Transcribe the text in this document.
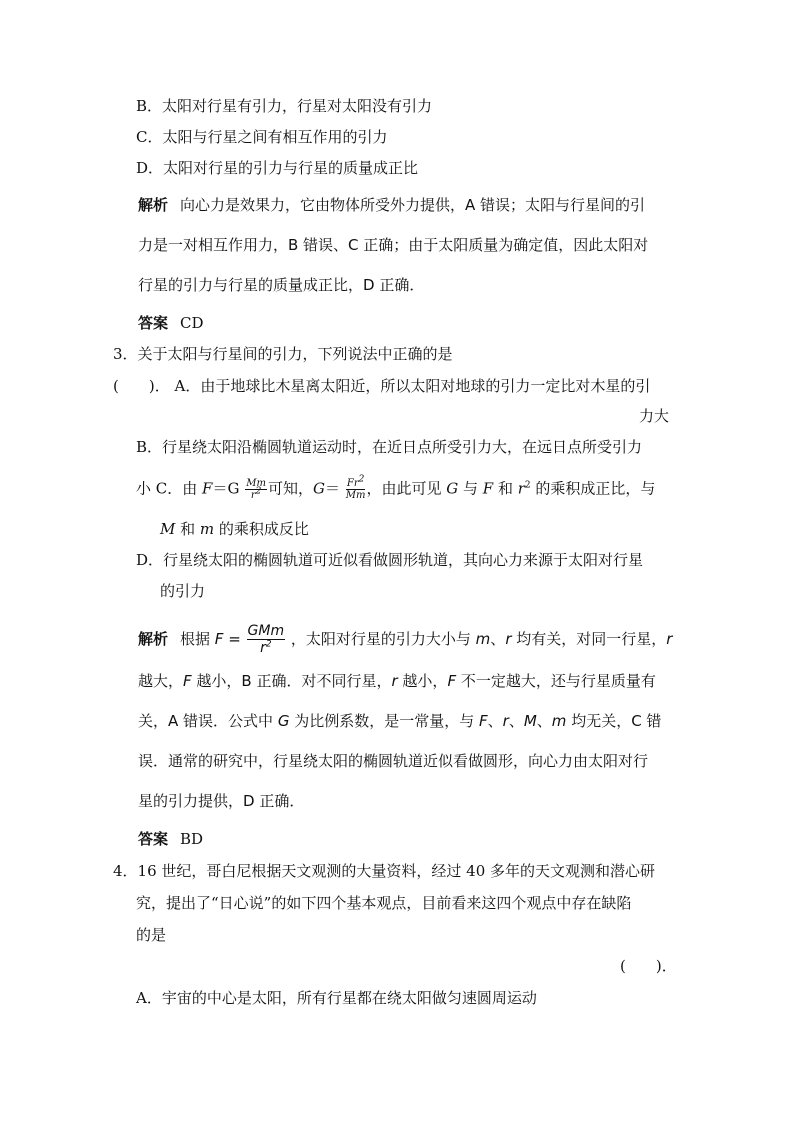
B．太阳对行星有引力，行星对太阳没有引力
C．太阳与行星之间有相互作用的引力
D．太阳对行星的引力与行星的质量成正比
解析 向心力是效果力，它由物体所受外力提供，A 错误；太阳与行星间的引
力是一对相互作用力，B 错误、C 正确；由于太阳质量为确定值，因此太阳对
行星的引力与行星的质量成正比，D 正确．
答案 CD
3．关于太阳与行星间的引力，下列说法中正确的是
(　　)． A．由于地球比木星离太阳近，所以太阳对地球的引力一定比对木星的引
力大
B．行星绕太阳沿椭圆轨道运动时，在近日点所受引力大，在远日点所受引力
小 C．由 $F=G \frac{Mm}{r^2}$ 可知，$G= \frac{Fr^2}{Mm}$ ，由此可见 G 与 F 和 $r^2$ 的乘积成正比，与
M 和 m 的乘积成反比
D．行星绕太阳的椭圆轨道可近似看做圆形轨道，其向心力来源于太阳对行星
的引力
解析 根据 $F = \frac{\text{GMm}}{r^2}$ ，太阳对行星的引力大小与 m、r 均有关，对同一行星，r
越大，F 越小，B 正确．对不同行星，r 越小，F 不一定越大，还与行星质量有
关，A 错误．公式中 G 为比例系数，是一常量，与 F、r、M、m 均无关，C 错
误．通常的研究中，行星绕太阳的椭圆轨道近似看做圆形，向心力由太阳对行
星的引力提供，D 正确．
答案 BD
4．16 世纪，哥白尼根据天文观测的大量资料，经过 40 多年的天文观测和潜心研
究，提出了“日心说”的如下四个基本观点，目前看来这四个观点中存在缺陷
的是
(　　)．
A．宇宙的中心是太阳，所有行星都在绕太阳做匀速圆周运动
